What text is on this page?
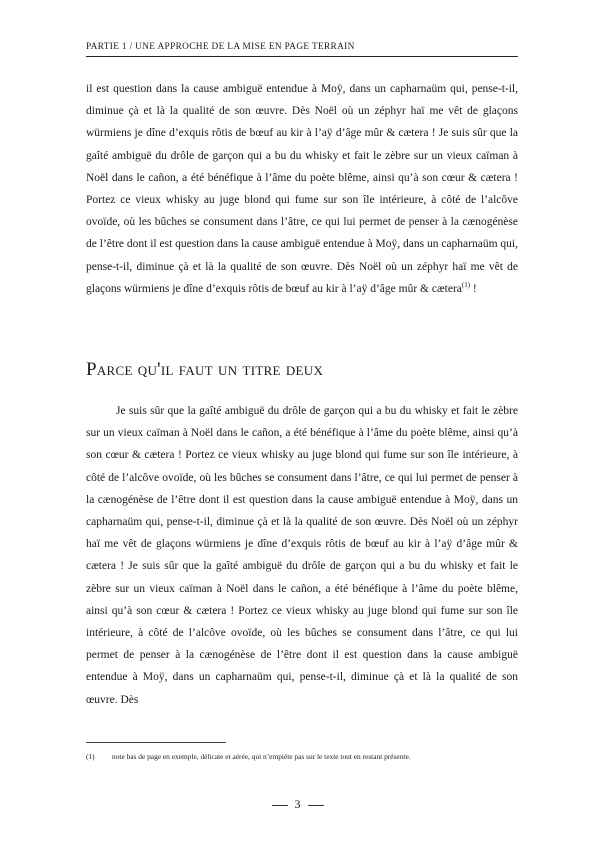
PARTIE 1 / UNE APPROCHE DE LA MISE EN PAGE TERRAIN

il est question dans la cause ambiguë entendue à Moÿ, dans un capharnaüm qui, pense-t-il, diminue çà et là la qualité de son œuvre. Dès Noël où un zéphyr haï me vêt de glaçons würmiens je dîne d’exquis rôtis de bœuf au kir à l’aÿ d’âge mûr & cætera ! Je suis sûr que la gaîté ambiguë du drôle de garçon qui a bu du whisky et fait le zèbre sur un vieux caïman à Noël dans le cañon, a été bénéfique à l’âme du poète blême, ainsi qu’à son cœur & cætera ! Portez ce vieux whisky au juge blond qui fume sur son île intérieure, à côté de l’alcôve ovoïde, où les bûches se consument dans l’âtre, ce qui lui permet de penser à la cænogénèse de l’être dont il est question dans la cause ambiguë entendue à Moÿ, dans un capharnaüm qui, pense-t-il, diminue çà et là la qualité de son œuvre. Dès Noël où un zéphyr haï me vêt de glaçons würmiens je dîne d’exquis rôtis de bœuf au kir à l’aÿ d’âge mûr & cætera$^{(1)}$ !

Parce qu'il faut un titre deux

Je suis sûr que la gaîté ambiguë du drôle de garçon qui a bu du whisky et fait le zèbre sur un vieux caïman à Noël dans le cañon, a été bénéfique à l’âme du poète blême, ainsi qu’à son cœur & cætera ! Portez ce vieux whisky au juge blond qui fume sur son île intérieure, à côté de l’alcôve ovoïde, où les bûches se consument dans l’âtre, ce qui lui permet de penser à la cænogénèse de l’être dont il est question dans la cause ambiguë entendue à Moÿ, dans un capharnaüm qui, pense-t-il, diminue çà et là la qualité de son œuvre. Dès Noël où un zéphyr haï me vêt de glaçons würmiens je dîne d’exquis rôtis de bœuf au kir à l’aÿ d’âge mûr & cætera ! Je suis sûr que la gaîté ambiguë du drôle de garçon qui a bu du whisky et fait le zèbre sur un vieux caïman à Noël dans le cañon, a été bénéfique à l’âme du poète blême, ainsi qu’à son cœur & cætera ! Portez ce vieux whisky au juge blond qui fume sur son île intérieure, à côté de l’alcôve ovoïde, où les bûches se consument dans l’âtre, ce qui lui permet de penser à la cænogénèse de l’être dont il est question dans la cause ambiguë entendue à Moÿ, dans un capharnaüm qui, pense-t-il, diminue çà et là la qualité de son œuvre. Dès

(1) note bas de page en exemple, délicate et aérée, qui n’empiète pas sur le texte tout en restant présente.
3
